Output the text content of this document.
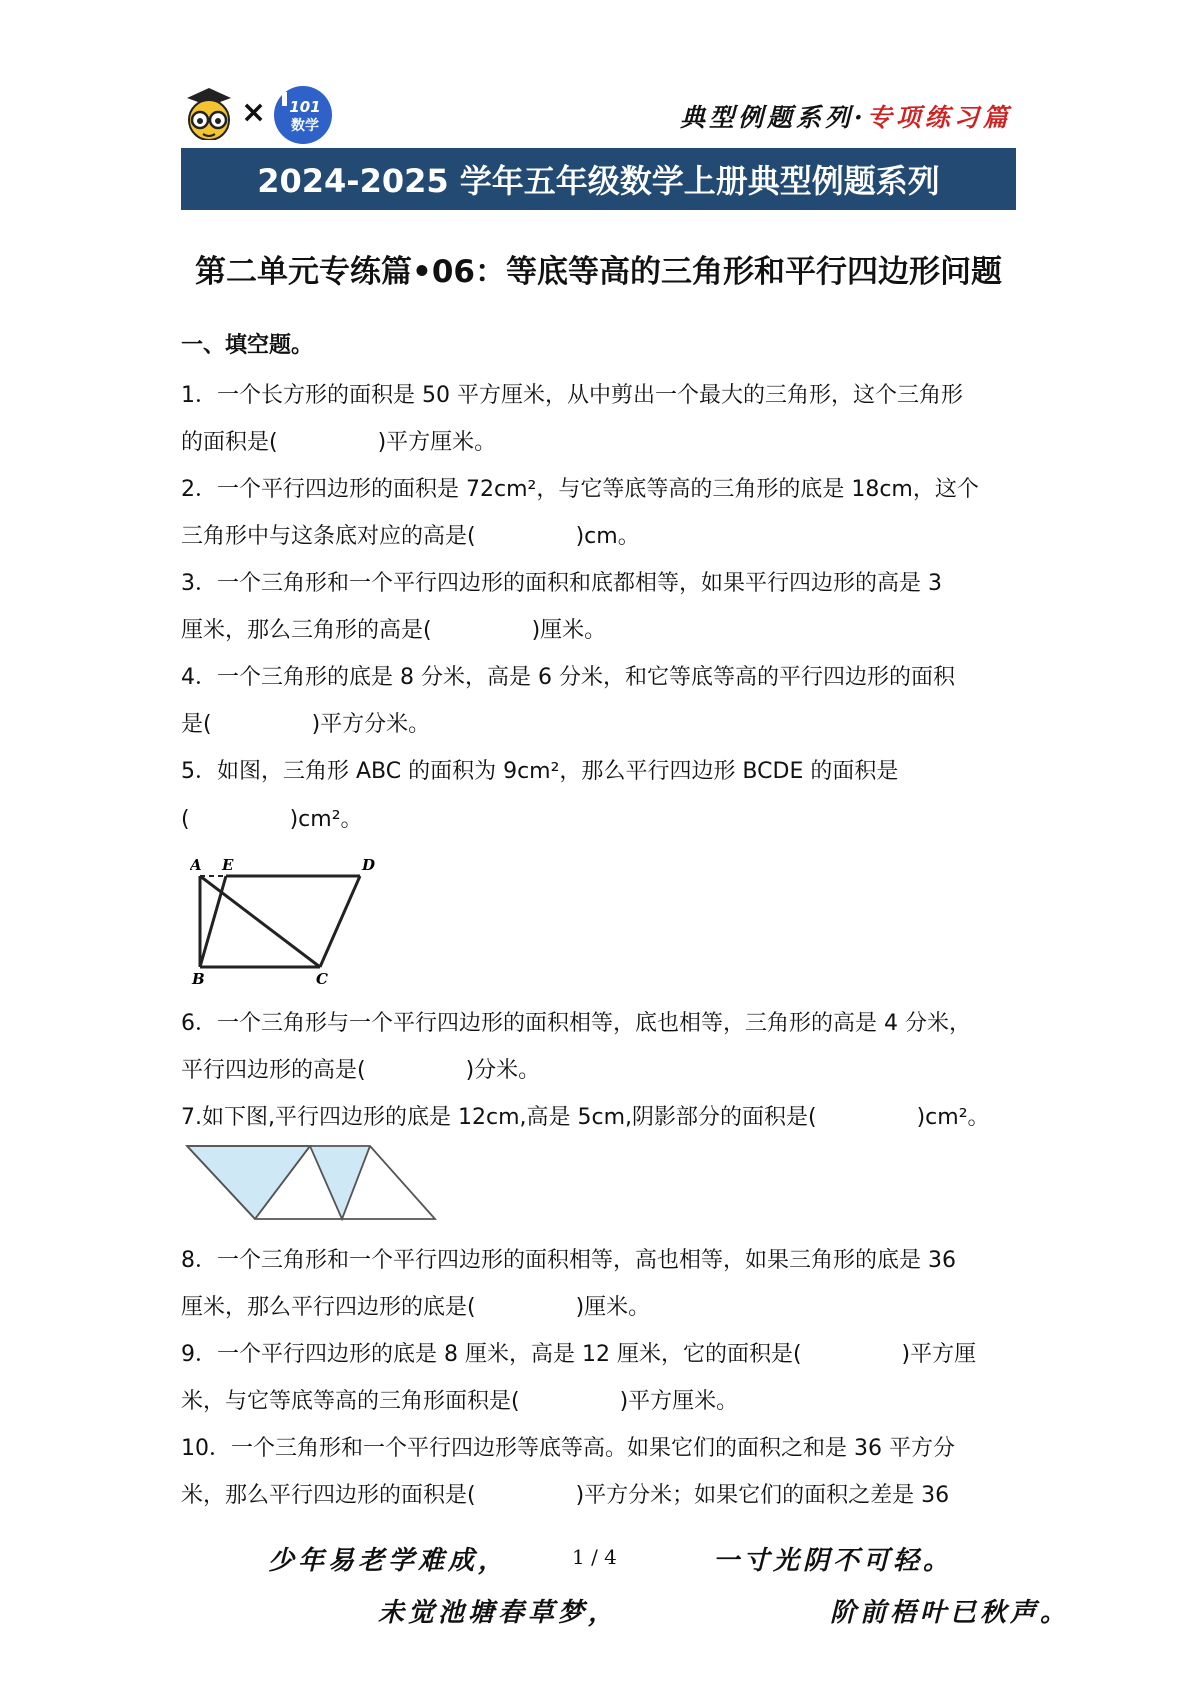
× 101
数学	典型例题系列·专项练习篇
2024-2025 学年五年级数学上册典型例题系列
第二单元专练篇•06：等底等高的三角形和平行四边形问题
一、填空题。
1．一个长方形的面积是 50 平方厘米，从中剪出一个最大的三角形，这个三角形
的面积是(	)平方厘米。
2．一个平行四边形的面积是 72cm²，与它等底等高的三角形的底是 18cm，这个
三角形中与这条底对应的高是(	)cm。
3．一个三角形和一个平行四边形的面积和底都相等，如果平行四边形的高是 3
厘米，那么三角形的高是(	)厘米。
4．一个三角形的底是 8 分米，高是 6 分米，和它等底等高的平行四边形的面积
是(	)平方分米。
5．如图，三角形 ABC 的面积为 9cm²，那么平行四边形 BCDE 的面积是
(	)cm²。
A E	D
B	C
6．一个三角形与一个平行四边形的面积相等，底也相等，三角形的高是 4 分米，
平行四边形的高是(	)分米。
7.如下图,平行四边形的底是 12cm,高是 5cm,阴影部分的面积是(	)cm²。
8．一个三角形和一个平行四边形的面积相等，高也相等，如果三角形的底是 36
厘米，那么平行四边形的底是(	)厘米。
9．一个平行四边形的底是 8 厘米，高是 12 厘米，它的面积是(	)平方厘
米，与它等底等高的三角形面积是(	)平方厘米。
10．一个三角形和一个平行四边形等底等高。如果它们的面积之和是 36 平方分
米，那么平行四边形的面积是(	)平方分米；如果它们的面积之差是 36
少年易老学难成，	1 / 4	一寸光阴不可轻。
未觉池塘春草梦，	阶前梧叶已秋声。
